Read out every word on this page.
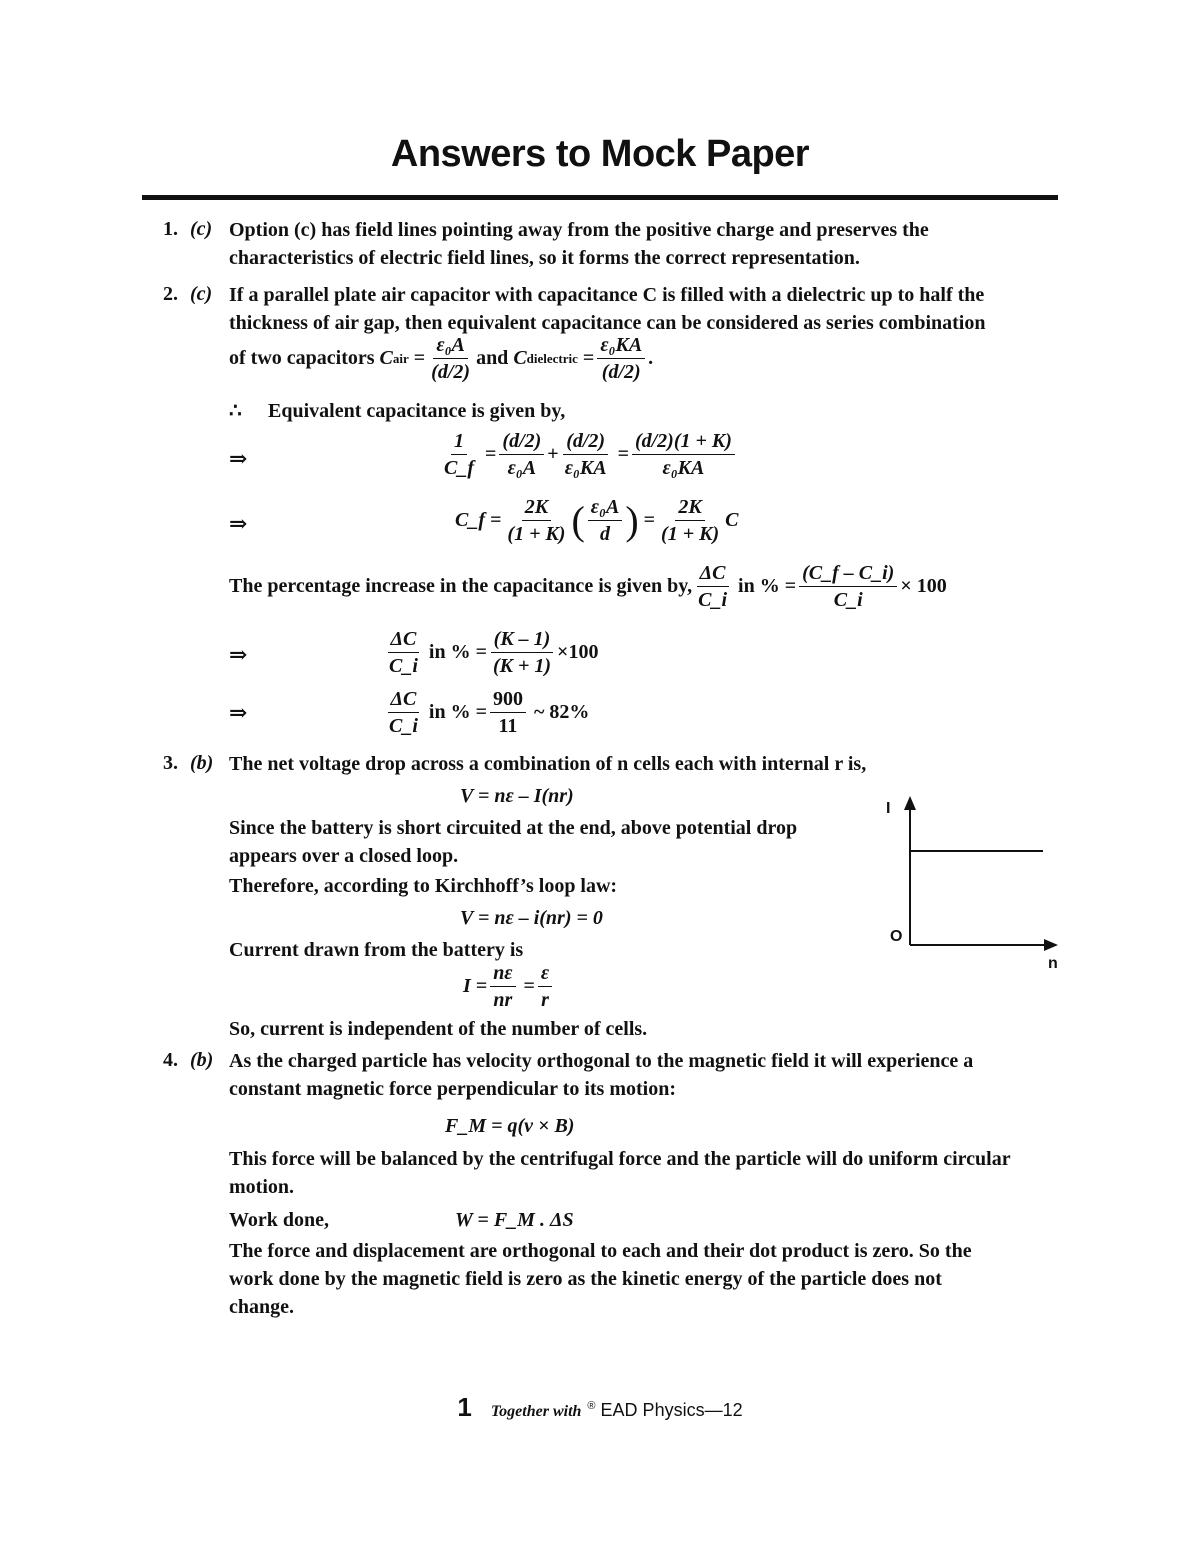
Answers to Mock Paper
1. (c) Option (c) has field lines pointing away from the positive charge and preserves the
characteristics of electric field lines, so it forms the correct representation.
2. (c) If a parallel plate air capacitor with capacitance C is filled with a dielectric up to half the
thickness of air gap, then equivalent capacitance can be considered as series combination
of two capacitors
C air = $\frac{\text{ε₀A}}{(d/2)}$ and
C dielectric = $\frac{\text{ε₀KA}}{(d/2)}$ .
∴ Equivalent capacitance is given by,
⇒	$\frac{1}{C\_f} = \frac{(d/2)}{\text{ε₀A}} + \frac{(d/2)}{\text{ε₀KA}} = \frac{(d/2)(1 + K)}{\text{ε₀KA}}$
⇒	C_f = $\frac{2K}{(1 + K)}$ ( $\frac{\text{ε₀A}}{d}$ ) = $\frac{2K}{(1 + K)}$ C
The percentage increase in the capacitance is given by, $\frac{\Delta C}{C\_i}$
in % = $\frac{(C\_f - C\_i)}{C\_i} \times 100$
⇒	$\frac{\Delta C}{C\_i}$
in % = $\frac{(K - 1)}{(K + 1)} \times 100$
⇒	$\frac{\Delta C}{C\_i}$
in % = $\frac{900}{11}$
~ 82%
3. (b) The net voltage drop across a combination of n cells each with internal r is,
V = nε – I(nr)
Since the battery is short circuited at the end, above potential drop
appears over a closed loop.
Therefore, according to Kirchhoff’s loop law:
V = nε – i(nr) = 0
Current drawn from the battery is
$I = \frac{n\varepsilon}{nr} = \frac{\varepsilon}{r}$
So, current is independent of the number of cells.
I
O
n
4. (b) As the charged particle has velocity orthogonal to the magnetic field it will experience a
constant magnetic force perpendicular to its motion:
F_M = q(v × B)
This force will be balanced by the centrifugal force and the particle will do uniform circular
motion.
Work done,	W = F_M . ΔS
The force and displacement are orthogonal to each and their dot product is zero. So the
work done by the magnetic field is zero as the kinetic energy of the particle does not
change.
1 Together with ® EAD Physics—12
